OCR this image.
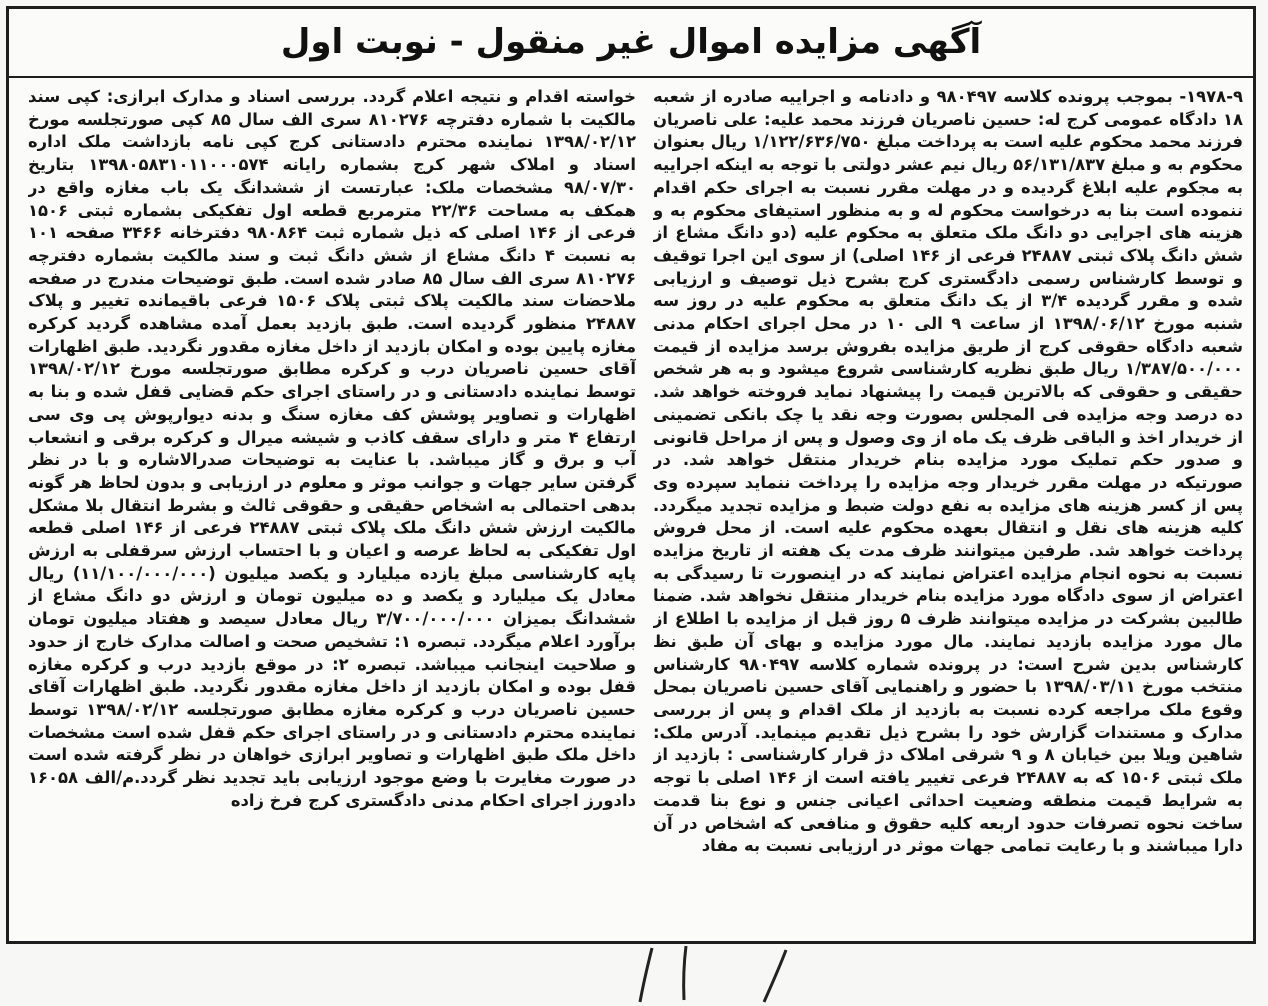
آگهی مزایده اموال غیر منقول - نوبت اول

۱۹۷۸-۹- بموجب پرونده کلاسه ۹۸۰۴۹۷ و دادنامه و اجراییه صادره از شعبه ۱۸ دادگاه عمومی کرج له: حسین ناصریان فرزند محمد علیه: علی ناصریان فرزند محمد محکوم علیه است به پرداخت مبلغ ۱/۱۲۲/۶۳۶/۷۵۰ ریال بعنوان محکوم به و مبلغ ۵۶/۱۳۱/۸۳۷ ریال نیم عشر دولتی با توجه به اینکه اجراییه به مجکوم علیه ابلاغ گردیده و در مهلت مقرر نسبت به اجرای حکم اقدام ننموده است بنا به درخواست محکوم له و به منظور استیفای محکوم به و هزینه های اجرایی دو دانگ ملک متعلق به محکوم علیه (دو دانگ مشاع از شش دانگ پلاک ثبتی ۲۴۸۸۷ فرعی از ۱۴۶ اصلی) از سوی این اجرا توقیف و توسط کارشناس رسمی دادگستری کرج بشرح ذیل توصیف و ارزیابی شده و مقرر گردیده ۳/۴ از یک دانگ متعلق به محکوم علیه در روز سه شنبه مورخ ۱۳۹۸/۰۶/۱۲ از ساعت ۹ الی ۱۰ در محل اجرای احکام مدنی شعبه دادگاه حقوقی کرج از طریق مزایده بفروش برسد مزایده از قیمت ۱/۳۸۷/۵۰۰/۰۰۰ ریال طبق نظریه کارشناسی شروع میشود و به هر شخص حقیقی و حقوقی که بالاترین قیمت را پیشنهاد نماید فروخته خواهد شد. ده درصد وجه مزایده فی المجلس بصورت وجه نقد یا چک بانکی تضمینی از خریدار اخذ و الباقی ظرف یک ماه از وی وصول و پس از مراحل قانونی و صدور حکم تملیک مورد مزایده بنام خریدار منتقل خواهد شد. در صورتیکه در مهلت مقرر خریدار وجه مزایده را پرداخت ننماید سپرده وی پس از کسر هزینه های مزایده به نفع دولت ضبط و مزایده تجدید میگردد. کلیه هزینه های نقل و انتقال بعهده محکوم علیه است. از محل فروش پرداخت خواهد شد. طرفین میتوانند ظرف مدت یک هفته از تاریخ مزایده نسبت به نحوه انجام مزایده اعتراض نمایند که در اینصورت تا رسیدگی به اعتراض از سوی دادگاه مورد مزایده بنام خریدار منتقل نخواهد شد. ضمنا طالبین بشرکت در مزایده میتوانند ظرف ۵ روز قبل از مزایده با اطلاع از مال مورد مزایده بازدید نمایند. مال مورد مزایده و بهای آن طبق نظ کارشناس بدین شرح است: در پرونده شماره کلاسه ۹۸۰۴۹۷ کارشناس منتخب مورخ ۱۳۹۸/۰۳/۱۱ با حضور و راهنمایی آقای حسین ناصریان بمحل وقوع ملک مراجعه کرده نسبت به بازدید از ملک اقدام و پس از بررسی مدارک و مستندات گزارش خود را بشرح ذیل تقدیم مینماید. آدرس ملک: شاهین ویلا بین خیابان ۸ و ۹ شرقی املاک دژ قرار کارشناسی : بازدید از ملک ثبتی ۱۵۰۶ که به ۲۴۸۸۷ فرعی تغییر یافته است از ۱۴۶ اصلی با توجه به شرایط قیمت منطقه وضعیت احداثی اعیانی جنس و نوع بنا قدمت ساخت نحوه تصرفات حدود اربعه کلیه حقوق و منافعی که اشخاص در آن دارا میباشند و با رعایت تمامی جهات موثر در ارزیابی نسبت به مفاد

خواسته اقدام و نتیجه اعلام گردد. بررسی اسناد و مدارک ابرازی: کپی سند مالکیت با شماره دفترچه ۸۱۰۲۷۶ سری الف سال ۸۵ کپی صورتجلسه مورخ ۱۳۹۸/۰۲/۱۲ نماینده محترم دادستانی کرج کپی نامه بازداشت ملک اداره اسناد و املاک شهر کرج بشماره رایانه ۱۳۹۸۰۵۸۳۱۰۱۱۰۰۰۵۷۴ بتاریخ ۹۸/۰۷/۳۰ مشخصات ملک: عبارتست از ششدانگ یک باب مغازه واقع در همکف به مساحت ۲۲/۳۶ مترمربع قطعه اول تفکیکی بشماره ثبتی ۱۵۰۶ فرعی از ۱۴۶ اصلی که ذیل شماره ثبت ۹۸۰۸۶۴ دفترخانه ۳۴۶۶ صفحه ۱۰۱ به نسبت ۴ دانگ مشاع از شش دانگ ثبت و سند مالکیت بشماره دفترچه ۸۱۰۲۷۶ سری الف سال ۸۵ صادر شده است. طبق توضیحات مندرج در صفحه ملاحضات سند مالکیت پلاک ثبتی پلاک ۱۵۰۶ فرعی باقیمانده تغییر و پلاک ۲۴۸۸۷ منظور گردیده است. طبق بازدید بعمل آمده مشاهده گردید کرکره مغازه پایین بوده و امکان بازدید از داخل مغازه مقدور نگردید. طبق اظهارات آقای حسین ناصریان درب و کرکره مطابق صورتجلسه مورخ ۱۳۹۸/۰۲/۱۲ توسط نماینده دادستانی و در راستای اجرای حکم قضایی قفل شده و بنا به اظهارات و تصاویر پوشش کف مغازه سنگ و بدنه دیوارپوش پی وی سی ارتفاع ۴ متر و دارای سقف کاذب و شیشه میرال و کرکره برقی و انشعاب آب و برق و گاز میباشد. با عنایت به توضیحات صدرالاشاره و با در نظر گرفتن سایر جهات و جوانب موثر و معلوم در ارزیابی و بدون لحاظ هر گونه بدهی احتمالی به اشخاص حقیقی و حقوقی ثالث و بشرط انتقال بلا مشکل مالکیت ارزش شش دانگ ملک پلاک ثبتی ۲۴۸۸۷ فرعی از ۱۴۶ اصلی قطعه اول تفکیکی به لحاظ عرصه و اعیان و با احتساب ارزش سرقفلی به ارزش پایه کارشناسی مبلغ یازده میلیارد و یکصد میلیون (۱۱/۱۰۰/۰۰۰/۰۰۰) ریال معادل یک میلیارد و یکصد و ده میلیون تومان و ارزش دو دانگ مشاع از ششدانگ بمیزان ۳/۷۰۰/۰۰۰/۰۰۰ ریال معادل سیصد و هفتاد میلیون تومان برآورد اعلام میگردد. تبصره ۱: تشخیص صحت و اصالت مدارک خارج از حدود و صلاحیت اینجانب میباشد. تبصره ۲: در موقع بازدید درب و کرکره مغازه قفل بوده و امکان بازدید از داخل مغازه مقدور نگردید. طبق اظهارات آقای حسین ناصریان درب و کرکره مغازه مطابق صورتجلسه ۱۳۹۸/۰۲/۱۲ توسط نماینده محترم دادستانی و در راستای اجرای حکم قفل شده است مشخصات داخل ملک طبق اظهارات و تصاویر ابرازی خواهان در نظر گرفته شده است در صورت مغایرت با وضع موجود ارزیابی باید تجدید نظر گردد.م/الف ۱۶۰۵۸ دادورز اجرای احکام مدنی دادگستری کرج فرخ زاده
